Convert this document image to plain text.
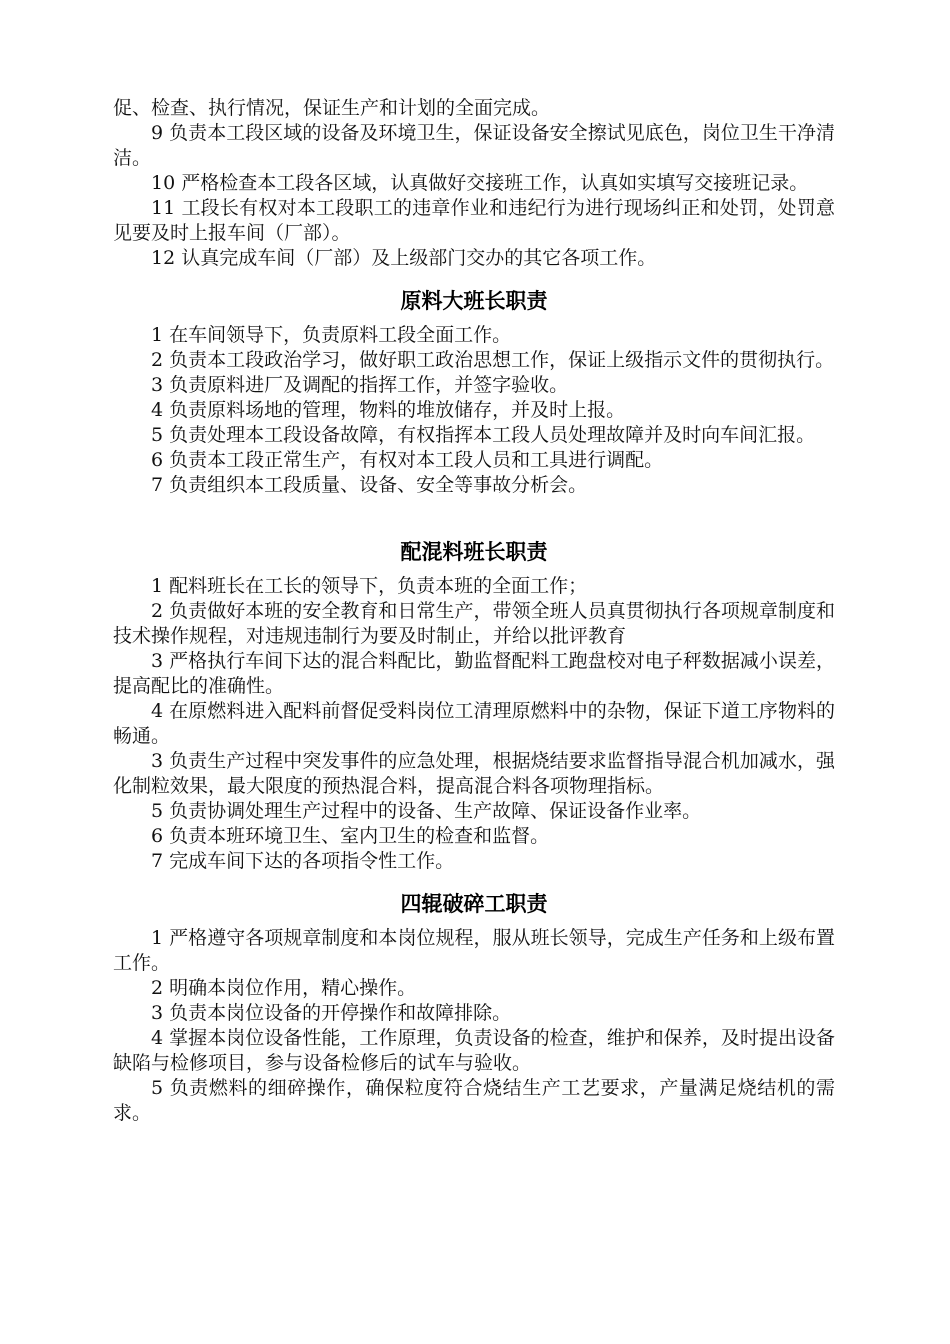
促、检查、执行情况，保证生产和计划的全面完成。

9 负责本工段区域的设备及环境卫生，保证设备安全擦试见底色，岗位卫生干净清洁。

10 严格检查本工段各区域，认真做好交接班工作，认真如实填写交接班记录。

11 工段长有权对本工段职工的违章作业和违纪行为进行现场纠正和处罚，处罚意见要及时上报车间（厂部）。

12 认真完成车间（厂部）及上级部门交办的其它各项工作。

原料大班长职责

1 在车间领导下，负责原料工段全面工作。

2 负责本工段政治学习，做好职工政治思想工作，保证上级指示文件的贯彻执行。

3 负责原料进厂及调配的指挥工作，并签字验收。

4 负责原料场地的管理，物料的堆放储存，并及时上报。

5 负责处理本工段设备故障，有权指挥本工段人员处理故障并及时向车间汇报。

6 负责本工段正常生产，有权对本工段人员和工具进行调配。

7 负责组织本工段质量、设备、安全等事故分析会。

配混料班长职责

1 配料班长在工长的领导下，负责本班的全面工作；

2 负责做好本班的安全教育和日常生产，带领全班人员真贯彻执行各项规章制度和技术操作规程，对违规违制行为要及时制止，并给以批评教育

3 严格执行车间下达的混合料配比，勤监督配料工跑盘校对电子秤数据减小误差，提高配比的准确性。

4 在原燃料进入配料前督促受料岗位工清理原燃料中的杂物，保证下道工序物料的畅通。

3 负责生产过程中突发事件的应急处理，根据烧结要求监督指导混合机加减水，强化制粒效果，最大限度的预热混合料，提高混合料各项物理指标。

5 负责协调处理生产过程中的设备、生产故障、保证设备作业率。

6 负责本班环境卫生、室内卫生的检查和监督。

7 完成车间下达的各项指令性工作。

四辊破碎工职责

1 严格遵守各项规章制度和本岗位规程，服从班长领导，完成生产任务和上级布置工作。

2 明确本岗位作用，精心操作。

3 负责本岗位设备的开停操作和故障排除。

4 掌握本岗位设备性能，工作原理，负责设备的检查，维护和保养，及时提出设备缺陷与检修项目，参与设备检修后的试车与验收。

5 负责燃料的细碎操作，确保粒度符合烧结生产工艺要求，产量满足烧结机的需求。
